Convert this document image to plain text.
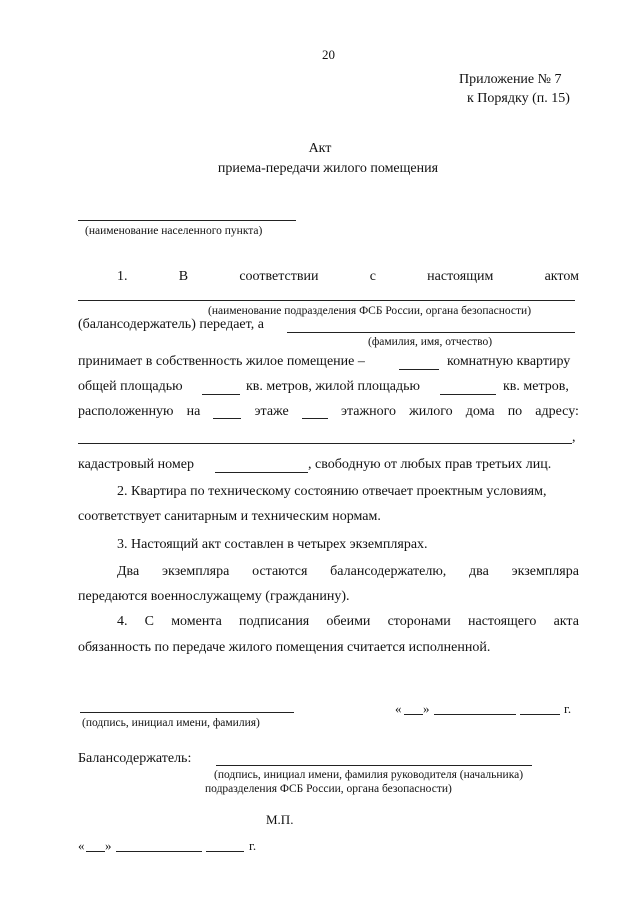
20
Приложение № 7
к Порядку (п. 15)
Акт
приема-передачи жилого помещения
(наименование населенного пункта)
1.	В	соответствии	с	настоящим	актом
(наименование подразделения ФСБ России, органа безопасности)
(балансодержатель) передает, а
(фамилия, имя, отчество)
принимает в собственность жилое помещение –	комнатную квартиру
общей площадью	кв. метров, жилой площадью	кв. метров,
расположенную на	этаже	этажного жилого дома по адресу:
,
кадастровый номер	, свободную от любых прав третьих лиц.
2. Квартира по техническому состоянию отвечает проектным условиям,
соответствует санитарным и техническим нормам.
3. Настоящий акт составлен в четырех экземплярах.
Два экземпляра остаются балансодержателю, два экземпляра
передаются военнослужащему (гражданину).
4. С момента подписания обеими сторонами настоящего акта
обязанность по передаче жилого помещения считается исполненной.
(подпись, инициал имени, фамилия)
« »	г.
Балансодержатель:
(подпись, инициал имени, фамилия руководителя (начальника)
подразделения ФСБ России, органа безопасности)
М.П.
« »	г.
